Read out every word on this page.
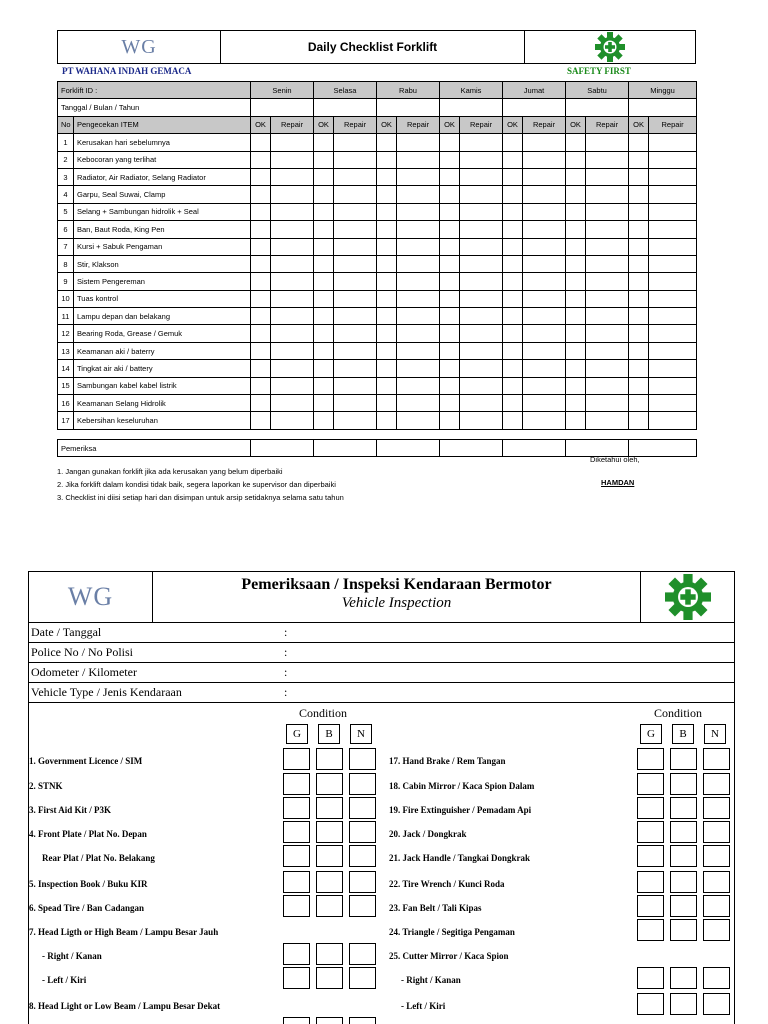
WG	Daily Checklist Forklift
PT WAHANA INDAH GEMACA	SAFETY FIRST
Forklift ID :		Senin		Selasa		Rabu		Kamis		Jumat		Sabtu		Minggu	
Tanggal / Bulan / Tahun															
No	Pengecekan ITEM	OK	Repair	OK	Repair	OK	Repair	OK	Repair	OK	Repair	OK	Repair	OK	Repair
1	Kerusakan hari sebelumnya														
2	Kebocoran yang terlihat														
3	Radiator, Air Radiator, Selang Radiator														
4	Garpu, Seal Suwai, Clamp														
5	Selang + Sambungan hidrolik + Seal														
6	Ban, Baut Roda, King Pen														
7	Kursi + Sabuk Pengaman														
8	Stir, Klakson														
9	Sistem Pengereman														
10	Tuas kontrol														
11	Lampu depan dan belakang														
12	Bearing Roda, Grease / Gemuk														
13	Keamanan aki / baterry														
14	Tingkat air aki / battery														
15	Sambungan kabel kabel listrik														
16	Keamanan Selang Hidrolik														
17	Kebersihan keseluruhan														

Pemeriksa															
Diketahui oleh,
1. Jangan gunakan forklift jika ada kerusakan yang belum diperbaiki
2. Jika forklift dalam kondisi tidak baik, segera laporkan ke supervisor dan diperbaiki
3. Checklist ini diisi setiap hari dan disimpan untuk arsip setidaknya selama satu tahun
HAMDAN
WG	Pemeriksaan / Inspeksi Kendaraan Bermotor
Vehicle Inspection
Date / Tanggal	:
Police No / No Polisi	:
Odometer / Kilometer	:
Vehicle Type / Jenis Kendaraan	:
Condition	Condition
G	B	N	G	B	N
1. Government Licence / SIM
2. STNK
3. First Aid Kit / P3K
4. Front Plate / Plat No. Depan
Rear Plat / Plat No. Belakang
5. Inspection Book / Buku KIR
6. Spead Tire / Ban Cadangan
7. Head Ligth or High Beam / Lampu Besar Jauh
- Right / Kanan
- Left / Kiri
8. Head Light or Low Beam / Lampu Besar Dekat
17. Hand Brake / Rem Tangan
18. Cabin Mirror / Kaca Spion Dalam
19. Fire Extinguisher / Pemadam Api
20. Jack / Dongkrak
21. Jack Handle / Tangkai Dongkrak
22. Tire Wrench / Kunci Roda
23. Fan Belt / Tali Kipas
24. Triangle / Segitiga Pengaman
25. Cutter Mirror / Kaca Spion
- Right / Kanan
- Left / Kiri
